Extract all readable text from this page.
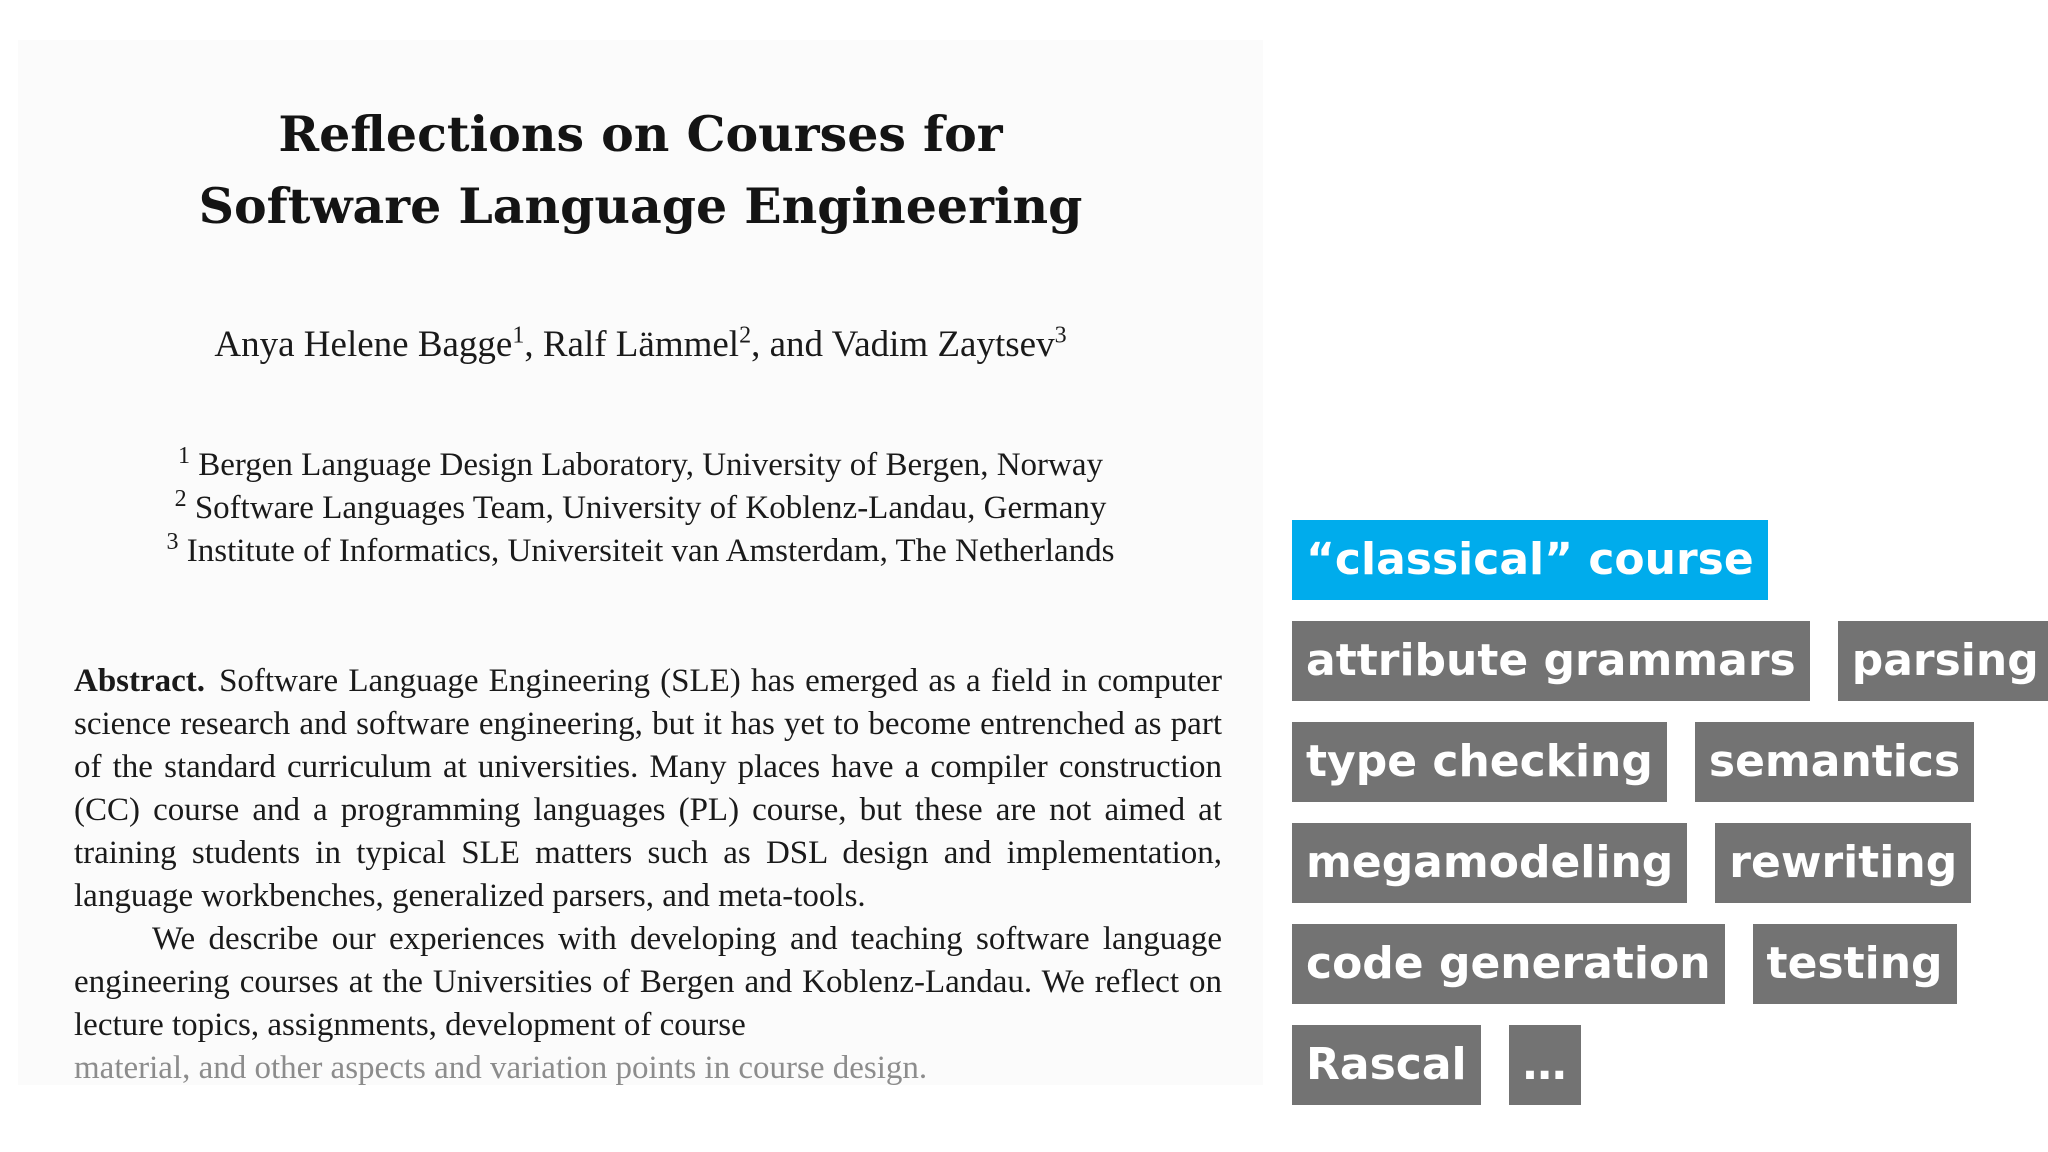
Reflections on Courses for
Software Language Engineering

Anya Helene Bagge$^1$, Ralf Lämmel$^2$, and Vadim Zaytsev$^3$

$^1$ Bergen Language Design Laboratory, University of Bergen, Norway
$^2$ Software Languages Team, University of Koblenz-Landau, Germany
$^3$ Institute of Informatics, Universiteit van Amsterdam, The Netherlands

Abstract. Software Language Engineering (SLE) has emerged as a field in computer science research and software engineering, but it has yet to become entrenched as part of the standard curriculum at universities. Many places have a compiler construction (CC) course and a programming languages (PL) course, but these are not aimed at training students in typical SLE matters such as DSL design and implementation, language workbenches, generalized parsers, and meta-tools.

We describe our experiences with developing and teaching software language engineering courses at the Universities of Bergen and Koblenz-Landau. We reflect on lecture topics, assignments, development of course

material, and other aspects and variation points in course design.

“classical” course
attribute grammars	parsing
type checking	semantics
megamodeling	rewriting
code generation	testing
Rascal	…
